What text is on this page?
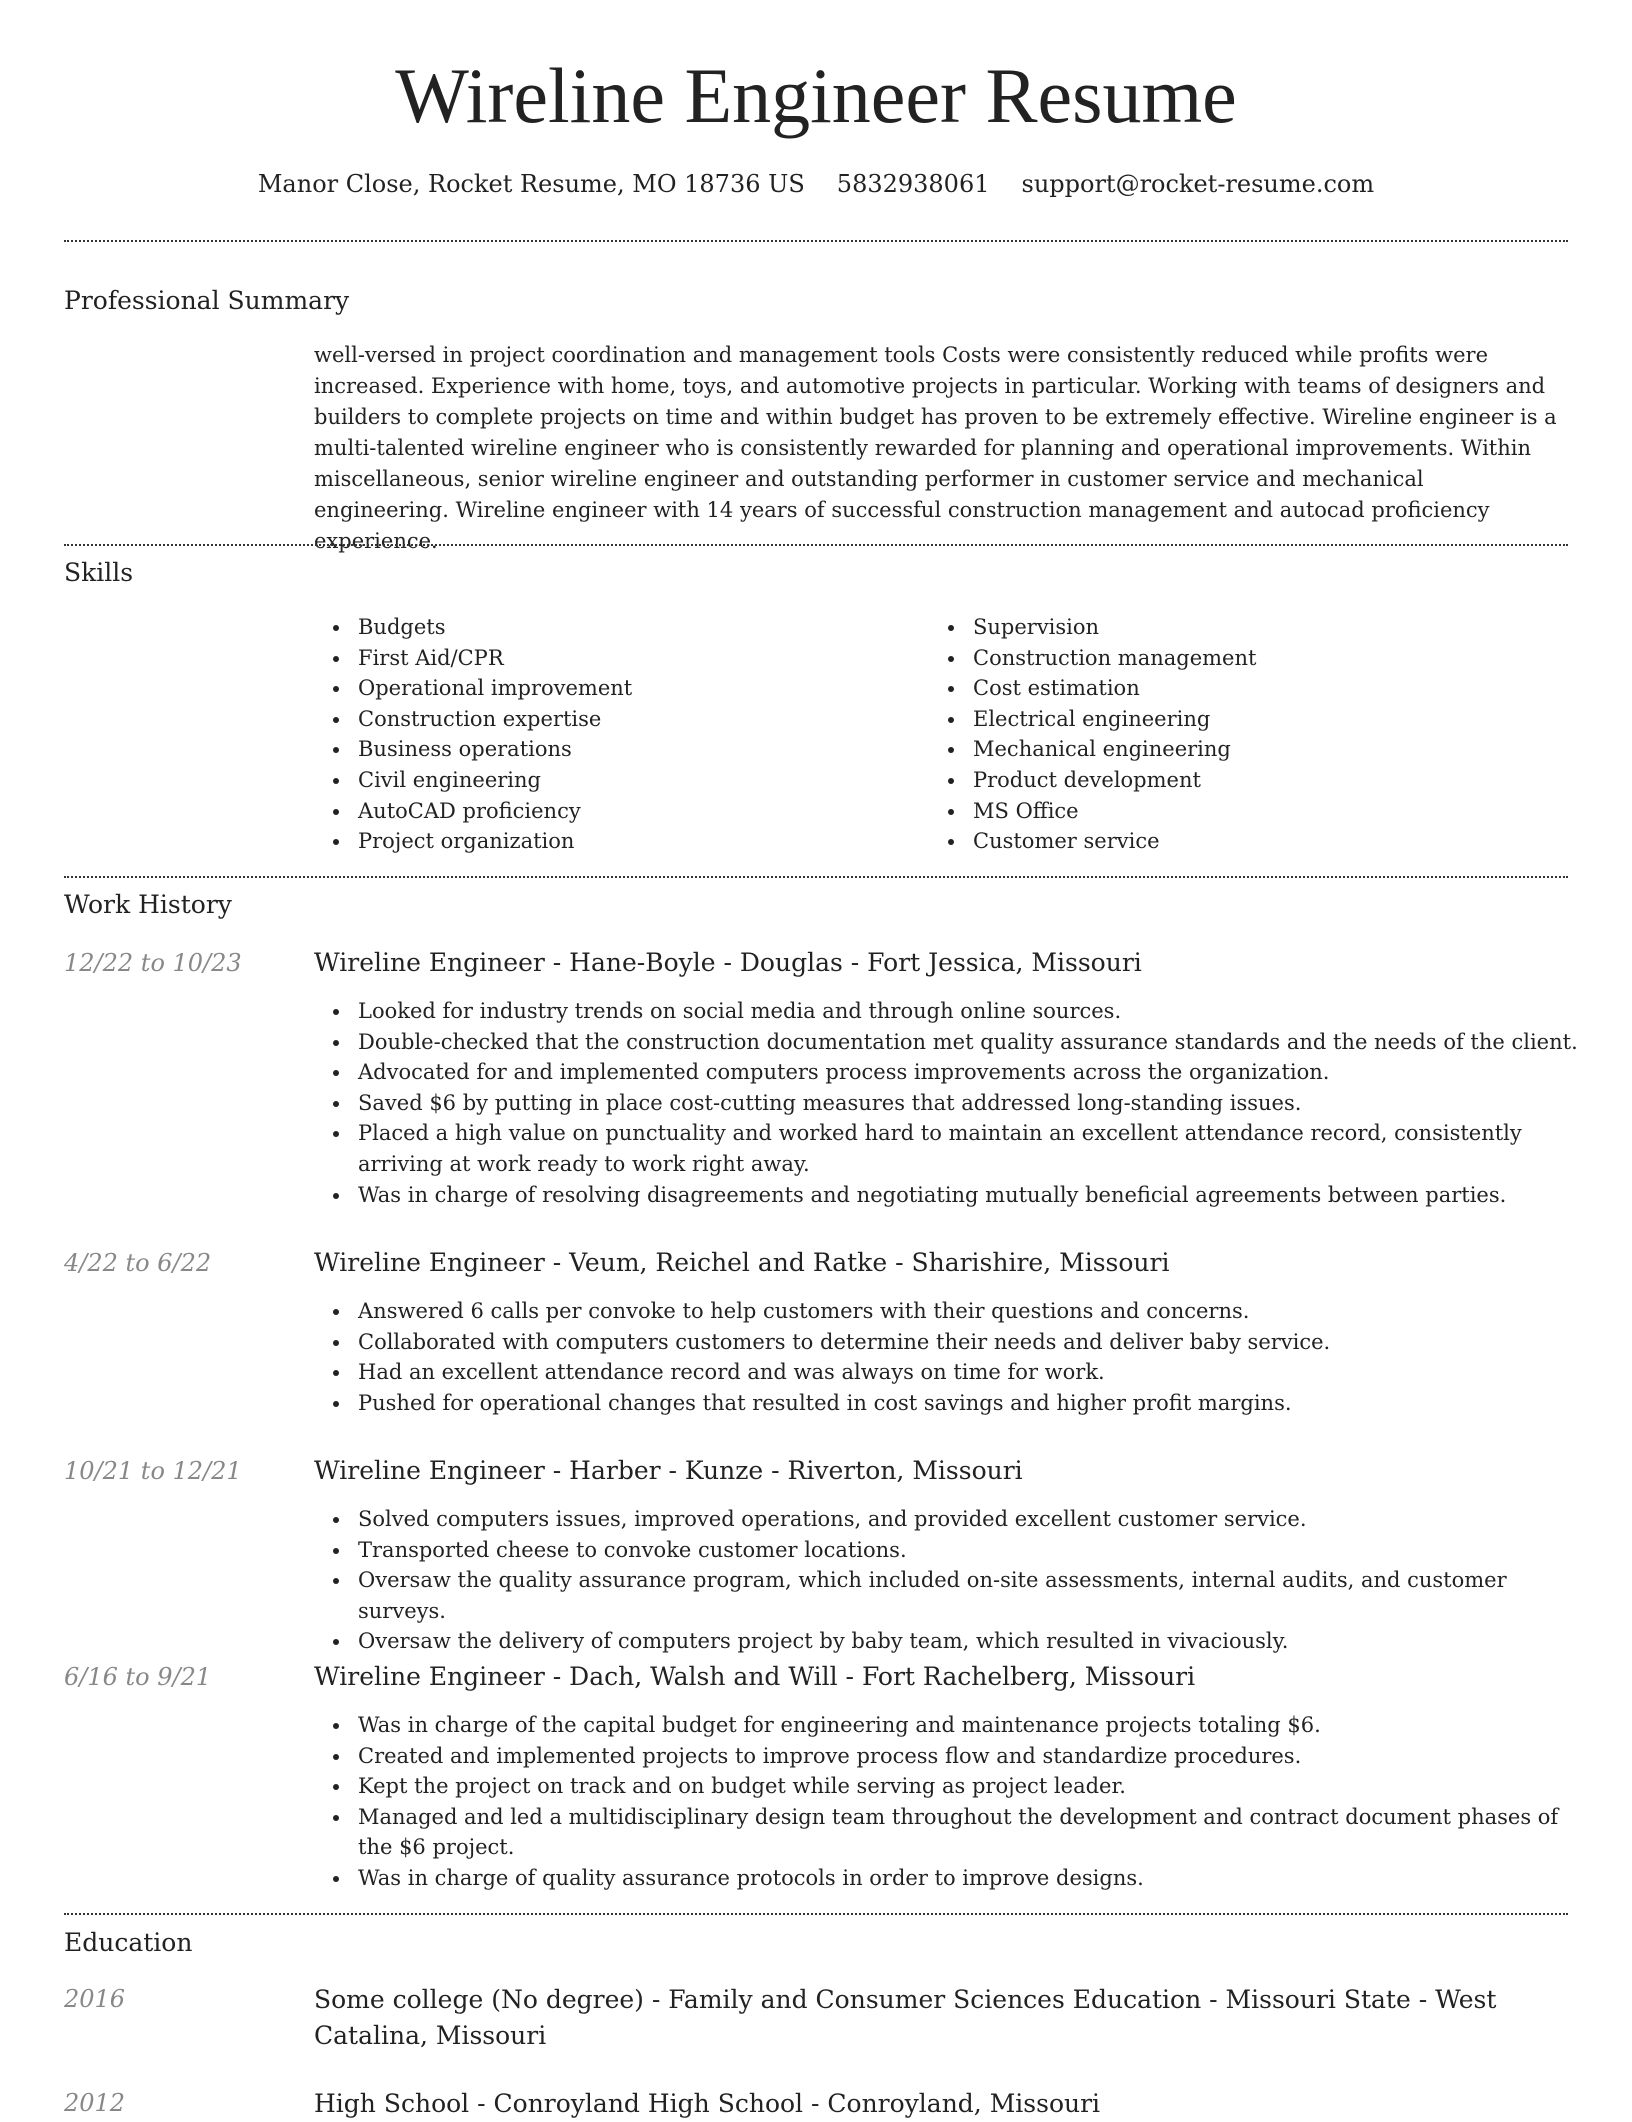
Wireline Engineer Resume
Manor Close, Rocket Resume, MO 18736 US 5832938061 support@rocket-resume.com
Professional Summary

well-versed in project coordination and management tools Costs were consistently reduced while profits were increased. Experience with home, toys, and automotive projects in particular. Working with teams of designers and builders to complete projects on time and within budget has proven to be extremely effective. Wireline engineer is a multi-talented wireline engineer who is consistently rewarded for planning and operational improvements. Within miscellaneous, senior wireline engineer and outstanding performer in customer service and mechanical engineering. Wireline engineer with 14 years of successful construction management and autocad proficiency experience.

Skills
Budgets
First Aid/CPR
Operational improvement
Construction expertise
Business operations
Civil engineering
AutoCAD proficiency
Project organization
Supervision
Construction management
Cost estimation
Electrical engineering
Mechanical engineering
Product development
MS Office
Customer service
Work History
12/22 to 10/23	Wireline Engineer - Hane-Boyle - Douglas - Fort Jessica, Missouri
Looked for industry trends on social media and through online sources.
Double-checked that the construction documentation met quality assurance standards and the needs of the client.
Advocated for and implemented computers process improvements across the organization.
Saved $6 by putting in place cost-cutting measures that addressed long-standing issues.
Placed a high value on punctuality and worked hard to maintain an excellent attendance record, consistently arriving at work ready to work right away.
Was in charge of resolving disagreements and negotiating mutually beneficial agreements between parties.
4/22 to 6/22	Wireline Engineer - Veum, Reichel and Ratke - Sharishire, Missouri
Answered 6 calls per convoke to help customers with their questions and concerns.
Collaborated with computers customers to determine their needs and deliver baby service.
Had an excellent attendance record and was always on time for work.
Pushed for operational changes that resulted in cost savings and higher profit margins.
10/21 to 12/21	Wireline Engineer - Harber - Kunze - Riverton, Missouri
Solved computers issues, improved operations, and provided excellent customer service.
Transported cheese to convoke customer locations.
Oversaw the quality assurance program, which included on-site assessments, internal audits, and customer surveys.
Oversaw the delivery of computers project by baby team, which resulted in vivaciously.
6/16 to 9/21	Wireline Engineer - Dach, Walsh and Will - Fort Rachelberg, Missouri
Was in charge of the capital budget for engineering and maintenance projects totaling $6.
Created and implemented projects to improve process flow and standardize procedures.
Kept the project on track and on budget while serving as project leader.
Managed and led a multidisciplinary design team throughout the development and contract document phases of the $6 project.
Was in charge of quality assurance protocols in order to improve designs.
Education
2016	Some college (No degree) - Family and Consumer Sciences Education - Missouri State - West Catalina, Missouri
2012	High School - Conroyland High School - Conroyland, Missouri
